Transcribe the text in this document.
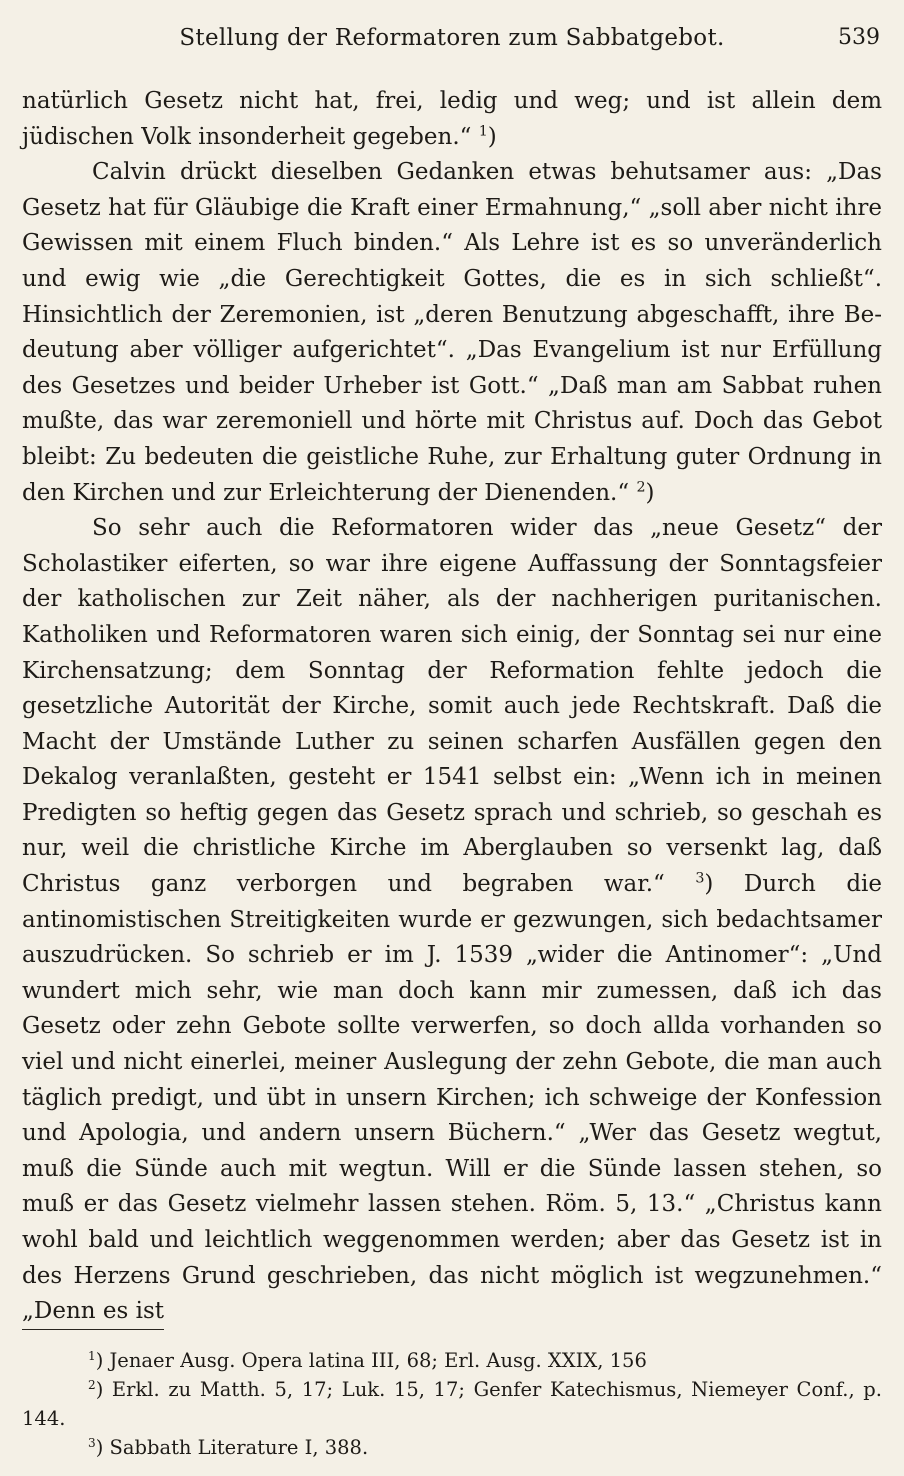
Stellung der Reformatoren zum Sabbatgebot.	539

natürlich Gesetz nicht hat, frei, ledig und weg; und ist allein dem jüdischen Volk insonderheit gegeben.“ $^1$)

Calvin drückt dieselben Gedanken etwas behutsamer aus: „Das Gesetz hat für Gläubige die Kraft einer Ermahnung,“ „soll aber nicht ihre Gewissen mit einem Fluch binden.“ Als Lehre ist es so unveränderlich und ewig wie „die Gerechtigkeit Gottes, die es in sich schließt“. Hinsichtlich der Zeremonien, ist „deren Benutzung abgeschafft, ihre Bedeutung aber völliger aufgerichtet“. „Das Evangelium ist nur Erfüllung des Gesetzes und beider Urheber ist Gott.“ „Daß man am Sabbat ruhen mußte, das war zeremoniell und hörte mit Christus auf. Doch das Gebot bleibt: Zu bedeuten die geistliche Ruhe, zur Erhaltung guter Ordnung in den Kirchen und zur Erleichterung der Dienenden.“ $^2$)

So sehr auch die Reformatoren wider das „neue Gesetz“ der Scholastiker eiferten, so war ihre eigene Auffassung der Sonntagsfeier der katholischen zur Zeit näher, als der nachherigen puritanischen. Katholiken und Reformatoren waren sich einig, der Sonntag sei nur eine Kirchensatzung; dem Sonntag der Reformation fehlte jedoch die gesetzliche Autorität der Kirche, somit auch jede Rechtskraft. Daß die Macht der Umstände Luther zu seinen scharfen Ausfällen gegen den Dekalog veranlaßten, gesteht er 1541 selbst ein: „Wenn ich in meinen Predigten so heftig gegen das Gesetz sprach und schrieb, so geschah es nur, weil die christliche Kirche im Aberglauben so versenkt lag, daß Christus ganz verborgen und begraben war.“ $^3$) Durch die antinomistischen Streitigkeiten wurde er gezwungen, sich bedachtsamer auszudrücken. So schrieb er im J. 1539 „wider die Antinomer“: „Und wundert mich sehr, wie man doch kann mir zumessen, daß ich das Gesetz oder zehn Gebote sollte verwerfen, so doch allda vorhanden so viel und nicht einerlei, meiner Auslegung der zehn Gebote, die man auch täglich predigt, und übt in unsern Kirchen; ich schweige der Konfession und Apologia, und andern unsern Büchern.“ „Wer das Gesetz wegtut, muß die Sünde auch mit wegtun. Will er die Sünde lassen stehen, so muß er das Gesetz vielmehr lassen stehen. Röm. 5, 13.“ „Christus kann wohl bald und leichtlich weggenommen werden; aber das Gesetz ist in des Herzens Grund geschrieben, das nicht möglich ist wegzunehmen.“ „Denn es ist

$^1$) Jenaer Ausg. Opera latina III, 68; Erl. Ausg. XXIX, 156

$^2$) Erkl. zu Matth. 5, 17; Luk. 15, 17; Genfer Katechismus, Niemeyer Conf., p. 144.

$^3$) Sabbath Literature I, 388.
